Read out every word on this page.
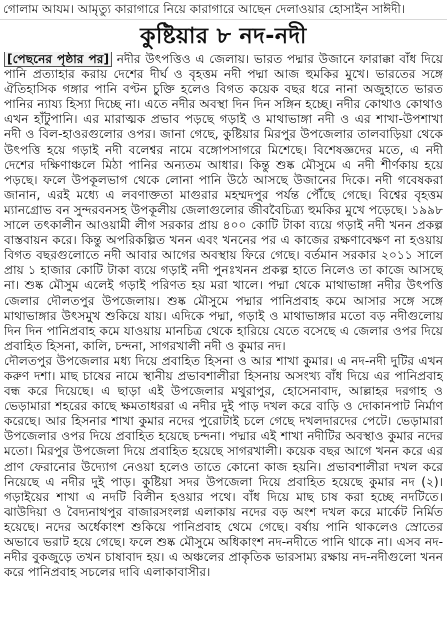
গোলাম আযম। আমৃত্যু কারাগারে নিয়ে কারাগারে আছেন দেলাওয়ার হোসাইন সাঈদী।
কুষ্টিয়ার ৮ নদ-নদী

[পেছনের পৃষ্ঠার পর] নদীর উৎপত্তিও এ জেলায়। ভারত পদ্মার উজানে ফারাক্কা বাঁধ দিয়ে পানি প্রত্যাহার করায় দেশের দীর্ঘ ও বৃহত্তম নদী পদ্মা আজ হুমকির মুখে। ভারতের সঙ্গে ঐতিহাসিক গঙ্গার পানি বণ্টন চুক্তি হলেও বিগত কয়েক বছর ধরে নানা অজুহাতে ভারত পানির ন্যায্য হিস্যা দিচ্ছে না। এতে নদীর অবস্থা দিন দিন সঙ্গিন হচ্ছে। নদীর কোথাও কোথাও এখন হাঁটুপানি। এর মারাত্মক প্রভাব পড়ছে গড়াই ও মাথাভাঙ্গা নদী ও এর শাখা-উপশাখা নদী ও বিল-হাওরগুলোর ওপর। জানা গেছে, কুষ্টিয়ার মিরপুর উপজেলার তালবাড়িয়া থেকে উৎপত্তি হয়ে গড়াই নদী বলেশ্বর নামে বঙ্গোপসাগরে মিশেছে। বিশেষজ্ঞদের মতে, এ নদী দেশের দক্ষিণাঞ্চলে মিঠা পানির অন্যতম আধার। কিন্তু শুষ্ক মৌসুমে এ নদী শীর্ণকায় হয়ে পড়ছে। ফলে উপকূলভাগ থেকে লোনা পানি উঠে আসছে উজানের দিকে। নদী গবেষকরা জানান, এরই মধ্যে এ লবণাক্ততা মাগুরার মহম্মদপুর পর্যন্ত পৌঁছে গেছে। বিশ্বের বৃহত্তম ম্যানগ্রোভ বন সুন্দরবনসহ উপকূলীয় জেলাগুলোর জীববৈচিত্র্য হুমকির মুখে পড়েছে। ১৯৯৮ সালে তৎকালীন আওয়ামী লীগ সরকার প্রায় ৪০০ কোটি টাকা ব্যয়ে গড়াই নদী খনন প্রকল্প বাস্তবায়ন করে। কিন্তু অপরিকল্পিত খনন এবং খননের পর এ কাজের রক্ষণাবেক্ষণ না হওয়ায় বিগত বছরগুলোতে নদী আবার আগের অবস্থায় ফিরে গেছে। বর্তমান সরকার ২০১১ সালে প্রায় ১ হাজার কোটি টাকা ব্যয়ে গড়াই নদী পুনঃখনন প্রকল্প হাতে নিলেও তা কাজে আসছে না। শুষ্ক মৌসুম এলেই গড়াই পরিণত হয় মরা খালে। পদ্মা থেকে মাথাভাঙ্গা নদীর উৎপত্তি জেলার দৌলতপুর উপজেলায়। শুষ্ক মৌসুমে পদ্মার পানিপ্রবাহ কমে আসার সঙ্গে সঙ্গে মাথাভাঙ্গার উৎসমুখ শুকিয়ে যায়। এদিকে পদ্মা, গড়াই ও মাথাভাঙ্গার মতো বড় নদীগুলোয় দিন দিন পানিপ্রবাহ কমে যাওয়ায় মানচিত্র থেকে হারিয়ে যেতে বসেছে এ জেলার ওপর দিয়ে প্রবাহিত হিসনা, কালি, চন্দনা, সাগরখালী নদী ও কুমার নদ।

দৌলতপুর উপজেলার মধ্য দিয়ে প্রবাহিত হিসনা ও আর শাখা কুমার। এ নদ-নদী দুটির এখন করুণ দশা। মাছ চাষের নামে স্থানীয় প্রভাবশালীরা হিসনায় অসংখ্য বাঁধ দিয়ে এর পানিপ্রবাহ বন্ধ করে দিয়েছে। এ ছাড়া এই উপজেলার মথুরাপুর, হোসেনাবাদ, আল্লাহর দরগাহ ও ভেড়ামারা শহরের কাছে ক্ষমতাধররা এ নদীর দুই পাড় দখল করে বাড়ি ও দোকানপাট নির্মাণ করেছে। আর হিসনার শাখা কুমার নদের পুরোটাই চলে গেছে দখলদারদের পেটে। ভেড়ামারা উপজেলার ওপর দিয়ে প্রবাহিত হয়েছে চন্দনা। পদ্মার এই শাখা নদীটির অবস্থাও কুমার নদের মতো। মিরপুর উপজেলা দিয়ে প্রবাহিত হয়েছে সাগরখালী। কয়েক বছর আগে খনন করে এর প্রাণ ফেরানোর উদ্যোগ নেওয়া হলেও তাতে কোনো কাজ হয়নি। প্রভাবশালীরা দখল করে নিয়েছে এ নদীর দুই পাড়। কুষ্টিয়া সদর উপজেলা দিয়ে প্রবাহিত হয়েছে কুমার নদ (২)। গড়াইয়ের শাখা এ নদটি বিলীন হওয়ার পথে। বাঁধ দিয়ে মাছ চাষ করা হচ্ছে নদটিতে। ঝাউদিয়া ও বৈদ্যনাথপুর বাজারসংলগ্ন এলাকায় নদের বড় অংশ দখল করে মার্কেট নির্মিত হয়েছে। নদের অর্ধেকাংশ শুকিয়ে পানিপ্রবাহ থেমে গেছে। বর্ষায় পানি থাকলেও স্রোতের অভাবে ভরাট হয়ে গেছে। ফলে শুষ্ক মৌসুমে অধিকাংশ নদ-নদীতে পানি থাকে না। এসব নদ-নদীর বুকজুড়ে তখন চাষাবাদ হয়। এ অঞ্চলের প্রাকৃতিক ভারসাম্য রক্ষায় নদ-নদীগুলো খনন করে পানিপ্রবাহ সচলের দাবি এলাকাবাসীর।
